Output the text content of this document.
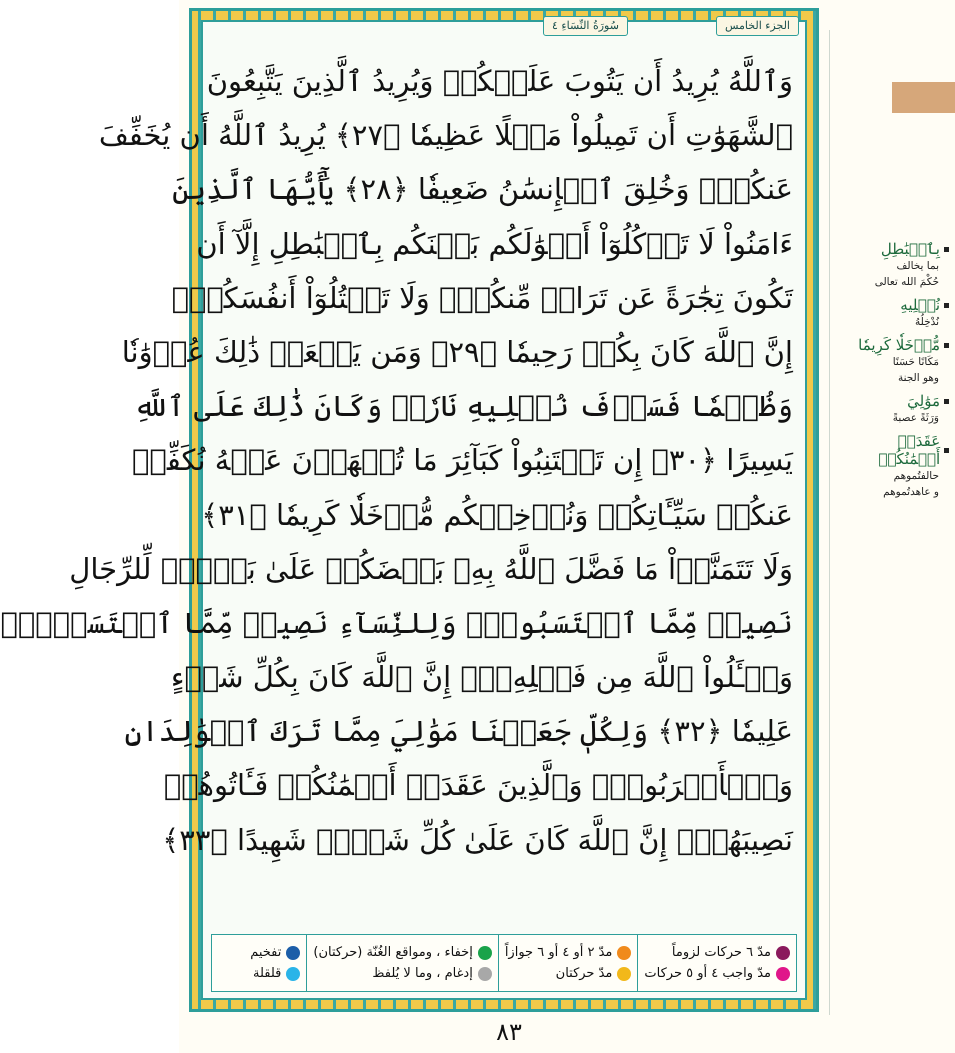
سُورَةُ النِّسَاءِ ٤	الجزء الخامس
وَٱللَّهُ يُرِيدُ أَن يَتُوبَ عَلَيۡكُمۡ وَيُرِيدُ ٱلَّذِينَ يَتَّبِعُونَ
ٱلشَّهَوَٰتِ أَن تَمِيلُواْ مَيۡلًا عَظِيمٗا ﴿٢٧﴾ يُرِيدُ ٱللَّهُ أَن يُخَفِّفَ
عَنكُمۡۚ وَخُلِقَ ٱلۡإِنسَٰنُ ضَعِيفٗا ﴿٢٨﴾ يَٰٓأَيُّهَا ٱلَّذِينَ
ءَامَنُواْ لَا تَأۡكُلُوٓاْ أَمۡوَٰلَكُم بَيۡنَكُم بِٱلۡبَٰطِلِ إِلَّآ أَن
تَكُونَ تِجَٰرَةً عَن تَرَاضٖ مِّنكُمۡۚ وَلَا تَقۡتُلُوٓاْ أَنفُسَكُمۡۚ
إِنَّ ٱللَّهَ كَانَ بِكُمۡ رَحِيمٗا ﴿٢٩﴾ وَمَن يَفۡعَلۡ ذَٰلِكَ عُدۡوَٰنٗا
وَظُلۡمٗا فَسَوۡفَ نُصۡلِيهِ نَارٗاۚ وَكَانَ ذَٰلِكَ عَلَى ٱللَّهِ
يَسِيرًا ﴿٣٠﴾ إِن تَجۡتَنِبُواْ كَبَآئِرَ مَا تُنۡهَوۡنَ عَنۡهُ نُكَفِّرۡ
عَنكُمۡ سَيِّـَٔاتِكُمۡ وَنُدۡخِلۡكُم مُّدۡخَلٗا كَرِيمٗا ﴿٣١﴾
وَلَا تَتَمَنَّوۡاْ مَا فَضَّلَ ٱللَّهُ بِهِۦ بَعۡضَكُمۡ عَلَىٰ بَعۡضٖۚ لِّلرِّجَالِ
نَصِيبٞ مِّمَّا ٱكۡتَسَبُواْۖ وَلِلنِّسَآءِ نَصِيبٞ مِّمَّا ٱكۡتَسَبۡنَۚ
وَسۡـَٔلُواْ ٱللَّهَ مِن فَضۡلِهِۦٓۚ إِنَّ ٱللَّهَ كَانَ بِكُلِّ شَيۡءٍ
عَلِيمٗا ﴿٣٢﴾ وَلِكُلّٖ جَعَلۡنَا مَوَٰلِيَ مِمَّا تَرَكَ ٱلۡوَٰلِدَانِ
وَٱلۡأَقۡرَبُونَۚ وَٱلَّذِينَ عَقَدَتۡ أَيۡمَٰنُكُمۡ فَـَٔاتُوهُمۡ
نَصِيبَهُمۡۚ إِنَّ ٱللَّهَ كَانَ عَلَىٰ كُلِّ شَيۡءٖ شَهِيدًا ﴿٣٣﴾
مدّ ٦ حركات لزوماً
مدّ واجب ٤ أو ٥ حركات
مدّ ٢ أو ٤ أو ٦ جوازاً
مدّ حركتان
إخفاء ، ومواقع الغُنّة (حركتان)
إدغام ، وما لا يُلفظ
تفخيم
قلقلة
بِٱلۡبَٰطِلِ
بما يخالف
حُكْمَ الله تعالى
نُصۡلِيهِ
نُدْخِلُهُ
مُّدۡخَلٗا كَرِيمٗا
مَكَانًا حَسَنًا
وهو الجنة
مَوَٰلِيَ
وَرَثَةً عصبةً
عَقَدَتۡ أَيۡمَٰنُكُمۡ
حالفتُموهم
و عاهدتُموهم
٨٣
